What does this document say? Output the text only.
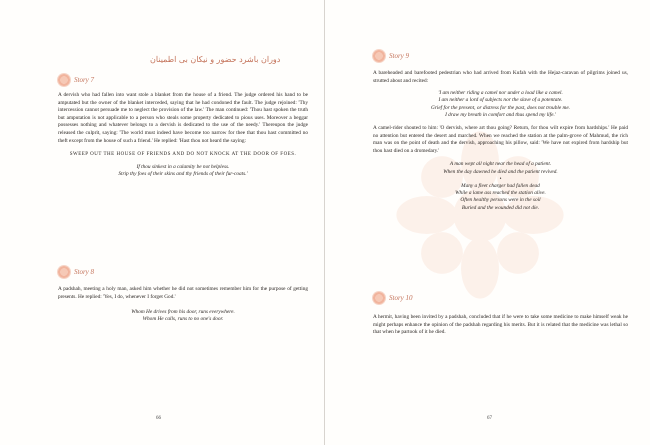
دوران باشرد حضور و نیکان بی اطمینان
Story 7

A dervish who had fallen into want stole a blanket from the house of a friend. The judge ordered his hand to be amputated but the owner of the blanket interceded, saying that he had condoned the fault. The judge rejoined: 'Thy intercession cannot persuade me to neglect the provision of the law.' The man continued: 'Thou hast spoken the truth but amputation is not applicable to a person who steals some property dedicated to pious uses. Moreover a beggar possesses nothing and whatever belongs to a dervish is dedicated to the use of the needy.' Thereupon the judge released the culprit, saying: 'The world must indeed have become too narrow for thee that thou hast committed no theft except from the house of such a friend.' He replied: 'Hast thou not heard the saying:

SWEEP OUT THE HOUSE OF FRIENDS AND DO NOT KNOCK AT THE DOOR OF FOES.

If thou sinkest in a calamity be not helpless.

Strip thy foes of their skins and thy friends of their fur-coats.'

Story 8

A padshah, meeting a holy man, asked him whether he did not sometimes remember him for the purpose of getting presents. He replied: 'Yes, I do, whenever I forget God.'

Whom He drives from his door, runs everywhere.

Whom He calls, runs to no one's door.

66
Story 9

A bareheaded and barefooted pedestrian who had arrived from Kufah with the Hejaz-caravan of pilgrims joined us, strutted about and recited:

'I am neither riding a camel nor under a load like a camel.

I am neither a lord of subjects nor the slave of a potentate.

Grief for the present, or distress for the past, does not trouble me.

I draw my breath in comfort and thus spend my life.'

A camel-rider shouted to him: 'O dervish, where art thou going? Return, for thou wilt expire from hardships.' He paid no attention but entered the desert and marched. When we reached the station at the palm-grove of Mahmud, the rich man was on the point of death and the dervish, approaching his pillow, said: 'We have not expired from hardship but thou hast died on a dromedary.'

A man wept all night near the head of a patient.

When the day dawned he died and the patient revived.

•

Many a fleet charger had fallen dead

While a lame ass reached the station alive.

Often healthy persons were in the soil

Buried and the wounded did not die.

Story 10

A hermit, having been invited by a padshah, concluded that if he were to take some medicine to make himself weak he might perhaps enhance the opinion of the padshah regarding his merits. But it is related that the medicine was lethal so that when he partook of it he died.

67
